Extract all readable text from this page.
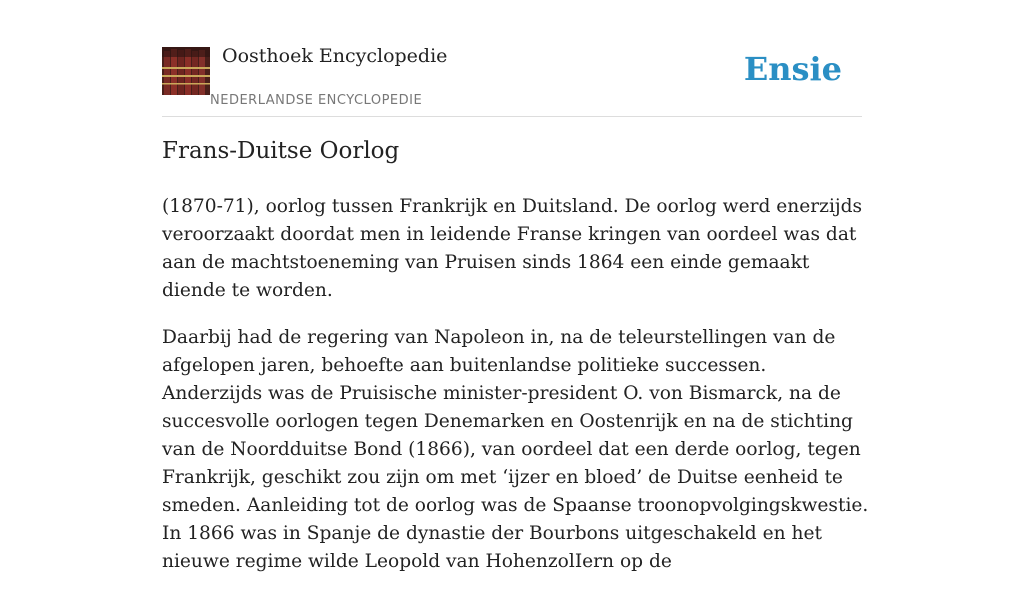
Oosthoek Encyclopedie
NEDERLANDSE ENCYCLOPEDIE
Ensie
Frans-Duitse Oorlog

(1870-71), oorlog tussen Frankrijk en Duitsland. De oorlog werd enerzijds veroorzaakt doordat men in leidende Franse kringen van oordeel was dat aan de machtstoeneming van Pruisen sinds 1864 een einde gemaakt diende te worden.

Daarbij had de regering van Napoleon in, na de teleurstellingen van de afgelopen jaren, behoefte aan buitenlandse politieke successen. Anderzijds was de Pruisische minister-president O. von Bismarck, na de succesvolle oorlogen tegen Denemarken en Oostenrijk en na de stichting van de Noordduitse Bond (1866), van oordeel dat een derde oorlog, tegen Frankrijk, geschikt zou zijn om met ‘ijzer en bloed’ de Duitse eenheid te smeden. Aanleiding tot de oorlog was de Spaanse troonopvolgingskwestie. In 1866 was in Spanje de dynastie der Bourbons uitgeschakeld en het nieuwe regime wilde Leopold van HohenzolIern op de
